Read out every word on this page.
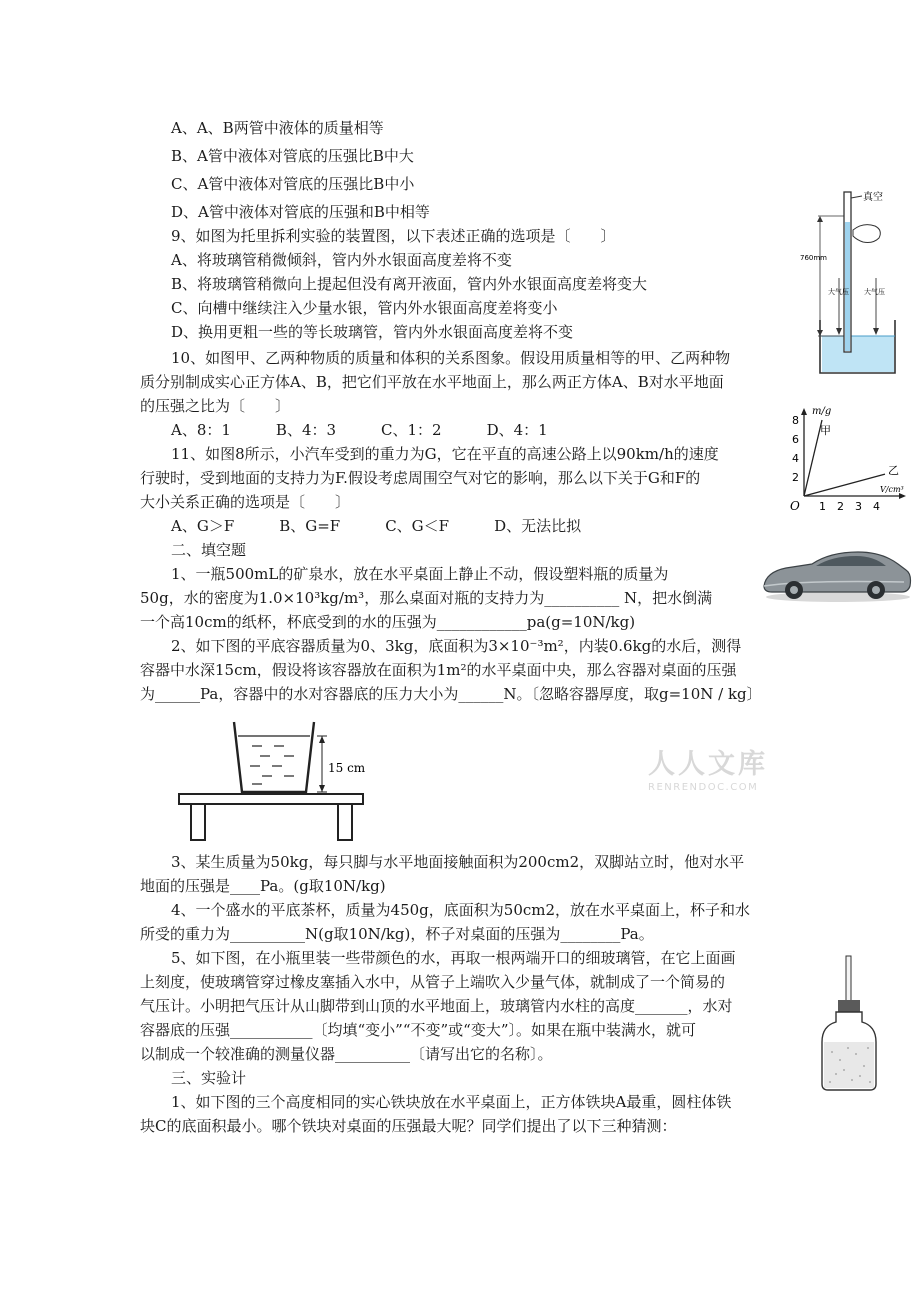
A、A、B两管中液体的质量相等
B、A管中液体对管底的压强比B中大
C、A管中液体对管底的压强比B中小
D、A管中液体对管底的压强和B中相等
9、如图为托里拆利实验的装置图，以下表述正确的选项是〔　　〕
A、将玻璃管稍微倾斜，管内外水银面高度差将不变
B、将玻璃管稍微向上提起但没有离开液面，管内外水银面高度差将变大
C、向槽中继续注入少量水银，管内外水银面高度差将变小
D、换用更粗一些的等长玻璃管，管内外水银面高度差将不变
10、如图甲、乙两种物质的质量和体积的关系图象。假设用质量相等的甲、乙两种物
质分别制成实心正方体A、B，把它们平放在水平地面上，那么两正方体A、B对水平地面
的压强之比为〔　　〕
A、8：1　　　B、4：3　　　C、1：2　　　D、4：1
11、如图8所示，小汽车受到的重力为G，它在平直的高速公路上以90km/h的速度
行驶时，受到地面的支持力为F.假设考虑周围空气对它的影响，那么以下关于G和F的
大小关系正确的选项是〔　　〕
A、G＞F　　　B、G=F　　　C、G＜F　　　D、无法比拟
二、填空题
1、一瓶500mL的矿泉水，放在水平桌面上静止不动，假设塑料瓶的质量为
50g，水的密度为1.0×10³kg/m³，那么桌面对瓶的支持力为__________ N，把水倒满
一个高10cm的纸杯，杯底受到的水的压强为____________pa(g=10N/kg)
2、如下图的平底容器质量为0、3kg，底面积为3×10⁻³m²，内装0.6kg的水后，测得
容器中水深15cm，假设将该容器放在面积为1m²的水平桌面中央，那么容器对桌面的压强
为______Pa，容器中的水对容器底的压力大小为______N。〔忽略容器厚度，取g=10N / kg〕
3、某生质量为50kg，每只脚与水平地面接触面积为200cm2，双脚站立时，他对水平
地面的压强是____Pa。(g取10N/kg)
4、一个盛水的平底茶杯，质量为450g，底面积为50cm2，放在水平桌面上，杯子和水
所受的重力为__________N(g取10N/kg)，杯子对桌面的压强为________Pa。
5、如下图，在小瓶里装一些带颜色的水，再取一根两端开口的细玻璃管，在它上面画
上刻度，使玻璃管穿过橡皮塞插入水中，从管子上端吹入少量气体，就制成了一个简易的
气压计。小明把气压计从山脚带到山顶的水平地面上，玻璃管内水柱的高度_______，水对
容器底的压强___________〔均填“变小”“不变”或“变大”〕。如果在瓶中装满水，就可
以制成一个较准确的测量仪器__________〔请写出它的名称〕。
三、实验计
1、如下图的三个高度相同的实心铁块放在水平桌面上，正方体铁块A最重，圆柱体铁
块C的底面积最小。哪个铁块对桌面的压强最大呢？同学们提出了以下三种猜测：
真空
760mm
大气压 大气压
m/g
V/cm³
O
2
4
6
8
1 2 3 4
甲
乙
15 cm	人人文库
RENRENDOC.COM
